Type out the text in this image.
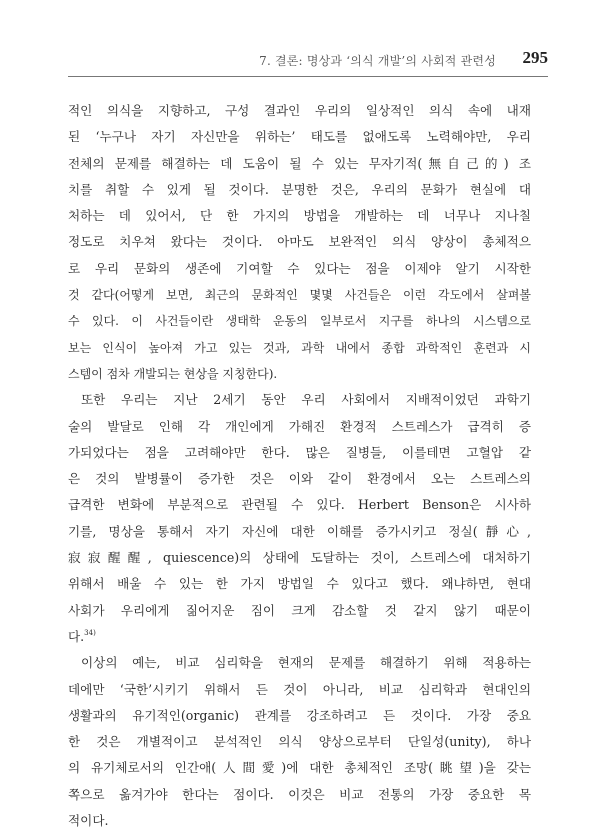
7. 결론: 명상과 ‘의식 개발’의 사회적 관련성 295
적인 의식을 지향하고, 구성 결과인 우리의 일상적인 의식 속에 내재
된 ‘누구나 자기 자신만을 위하는’ 태도를 없애도록 노력해야만, 우리
전체의 문제를 해결하는 데 도움이 될 수 있는 무자기적(無自己的) 조
치를 취할 수 있게 될 것이다. 분명한 것은, 우리의 문화가 현실에 대
처하는 데 있어서, 단 한 가지의 방법을 개발하는 데 너무나 지나칠
정도로 치우쳐 왔다는 것이다. 아마도 보완적인 의식 양상이 총체적으
로 우리 문화의 생존에 기여할 수 있다는 점을 이제야 알기 시작한
것 같다(어떻게 보면, 최근의 문화적인 몇몇 사건들은 이런 각도에서 살펴볼
수 있다. 이 사건들이란 생태학 운동의 일부로서 지구를 하나의 시스템으로
보는 인식이 높아져 가고 있는 것과, 과학 내에서 종합 과학적인 훈련과 시
스템이 점차 개발되는 현상을 지칭한다).
또한 우리는 지난 2세기 동안 우리 사회에서 지배적이었던 과학기
술의 발달로 인해 각 개인에게 가해진 환경적 스트레스가 급격히 증
가되었다는 점을 고려해야만 한다. 많은 질병들, 이를테면 고혈압 같
은 것의 발병률이 증가한 것은 이와 같이 환경에서 오는 스트레스의
급격한 변화에 부분적으로 관련될 수 있다. Herbert Benson은 시사하
기를, 명상을 통해서 자기 자신에 대한 이해를 증가시키고 정실(靜心,
寂寂醒醒, quiescence)의 상태에 도달하는 것이, 스트레스에 대처하기
위해서 배울 수 있는 한 가지 방법일 수 있다고 했다. 왜냐하면, 현대
사회가 우리에게 짊어지운 짐이 크게 감소할 것 같지 않기 때문이
다.$^{34)}$
이상의 예는, 비교 심리학을 현재의 문제를 해결하기 위해 적용하는
데에만 ‘국한’시키기 위해서 든 것이 아니라, 비교 심리학과 현대인의
생활과의 유기적인(organic) 관계를 강조하려고 든 것이다. 가장 중요
한 것은 개별적이고 분석적인 의식 양상으로부터 단일성(unity), 하나
의 유기체로서의 인간애(人間愛)에 대한 총체적인 조망(眺望)을 갖는
쪽으로 옮겨가야 한다는 점이다. 이것은 비교 전통의 가장 중요한 목
적이다.
